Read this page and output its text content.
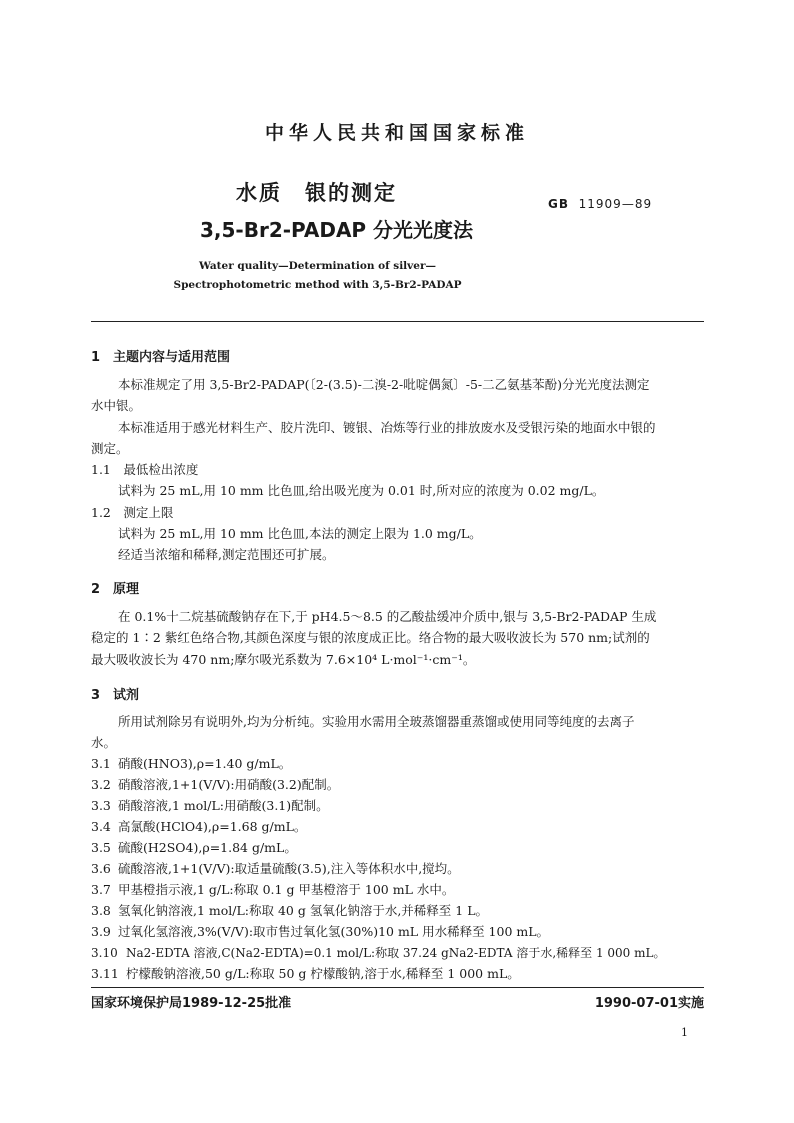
中华人民共和国国家标准
水质　银的测定
3,5-Br2-PADAP 分光光度法
GB 11909—89
Water quality—Determination of silver—
Spectrophotometric method with 3,5-Br2-PADAP
1　主题内容与适用范围
本标准规定了用 3,5-Br2-PADAP(〔2-(3.5)-二溴-2-吡啶偶氮〕-5-二乙氨基苯酚)分光光度法测定
水中银。
本标准适用于感光材料生产、胶片洗印、镀银、冶炼等行业的排放废水及受银污染的地面水中银的
测定。
1.1　最低检出浓度
试料为 25 mL,用 10 mm 比色皿,给出吸光度为 0.01 时,所对应的浓度为 0.02 mg/L。
1.2　测定上限
试料为 25 mL,用 10 mm 比色皿,本法的测定上限为 1.0 mg/L。
经适当浓缩和稀释,测定范围还可扩展。
2　原理
在 0.1%十二烷基硫酸钠存在下,于 pH4.5～8.5 的乙酸盐缓冲介质中,银与 3,5-Br2-PADAP 生成
稳定的 1∶2 紫红色络合物,其颜色深度与银的浓度成正比。络合物的最大吸收波长为 570 nm;试剂的
最大吸收波长为 470 nm;摩尔吸光系数为 7.6×10⁴ L·mol⁻¹·cm⁻¹。
3　试剂
所用试剂除另有说明外,均为分析纯。实验用水需用全玻蒸馏器重蒸馏或使用同等纯度的去离子
水。
3.1 硝酸(HNO3),ρ=1.40 g/mL。
3.2 硝酸溶液,1+1(V/V):用硝酸(3.2)配制。
3.3 硝酸溶液,1 mol/L:用硝酸(3.1)配制。
3.4 高氯酸(HClO4),ρ=1.68 g/mL。
3.5 硫酸(H2SO4),ρ=1.84 g/mL。
3.6 硫酸溶液,1+1(V/V):取适量硫酸(3.5),注入等体积水中,搅均。
3.7 甲基橙指示液,1 g/L:称取 0.1 g 甲基橙溶于 100 mL 水中。
3.8 氢氧化钠溶液,1 mol/L:称取 40 g 氢氧化钠溶于水,并稀释至 1 L。
3.9 过氧化氢溶液,3%(V/V):取市售过氧化氢(30%)10 mL 用水稀释至 100 mL。
3.10 Na2-EDTA 溶液,C(Na2-EDTA)=0.1 mol/L:称取 37.24 gNa2-EDTA 溶于水,稀释至 1 000 mL。
3.11 柠檬酸钠溶液,50 g/L:称取 50 g 柠檬酸钠,溶于水,稀释至 1 000 mL。
国家环境保护局1989-12-25批准	1990-07-01实施
1
